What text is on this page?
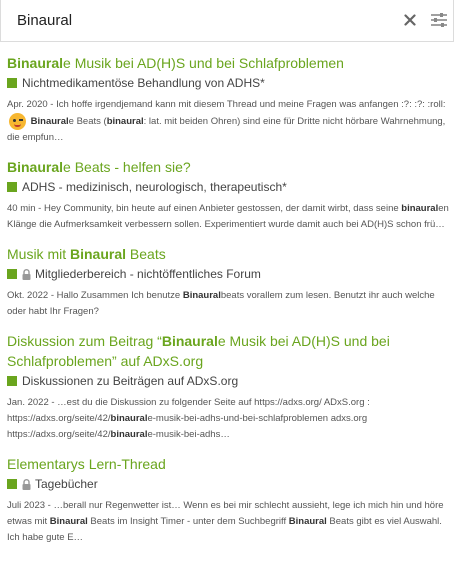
Binaural
Binaurale Musik bei AD(H)S und bei Schlafproblemen
Nichtmedikamentöse Behandlung von ADHS*
Apr. 2020 - Ich hoffe irgendjemand kann mit diesem Thread und meine Fragen was anfangen :?: :?: :roll:
Binaurale Beats (binaural: lat. mit beiden Ohren) sind eine für Dritte nicht hörbare Wahrnehmung, die empfun…
Binaurale Beats - helfen sie?
ADHS - medizinisch, neurologisch, therapeutisch*
40 min - Hey Community, bin heute auf einen Anbieter gestossen, der damit wirbt, dass seine binauralen Klänge die Aufmerksamkeit verbessern sollen. Experimentiert wurde damit auch bei AD(H)S schon frü…
Musik mit Binaural Beats
Mitgliederbereich - nichtöffentliches Forum
Okt. 2022 - Hallo Zusammen Ich benutze Binauralbeats vorallem zum lesen. Benutzt ihr auch welche oder habt Ihr Fragen?
Diskussion zum Beitrag “Binaurale Musik bei AD(H)S und bei Schlafproblemen” auf ADxS.org
Diskussionen zu Beiträgen auf ADxS.org
Jan. 2022 - …est du die Diskussion zu folgender Seite auf https://adxs.org/ ADxS.org : https://adxs.org/seite/42/binaurale-musik-bei-adhs-und-bei-schlafproblemen adxs.org https://adxs.org/seite/42/binaurale-musik-bei-adhs…
Elementarys Lern-Thread
Tagebücher
Juli 2023 - …berall nur Regenwetter ist… Wenn es bei mir schlecht aussieht, lege ich mich hin und höre etwas mit Binaural Beats im Insight Timer - unter dem Suchbegriff Binaural Beats gibt es viel Auswahl. Ich habe gute E…
